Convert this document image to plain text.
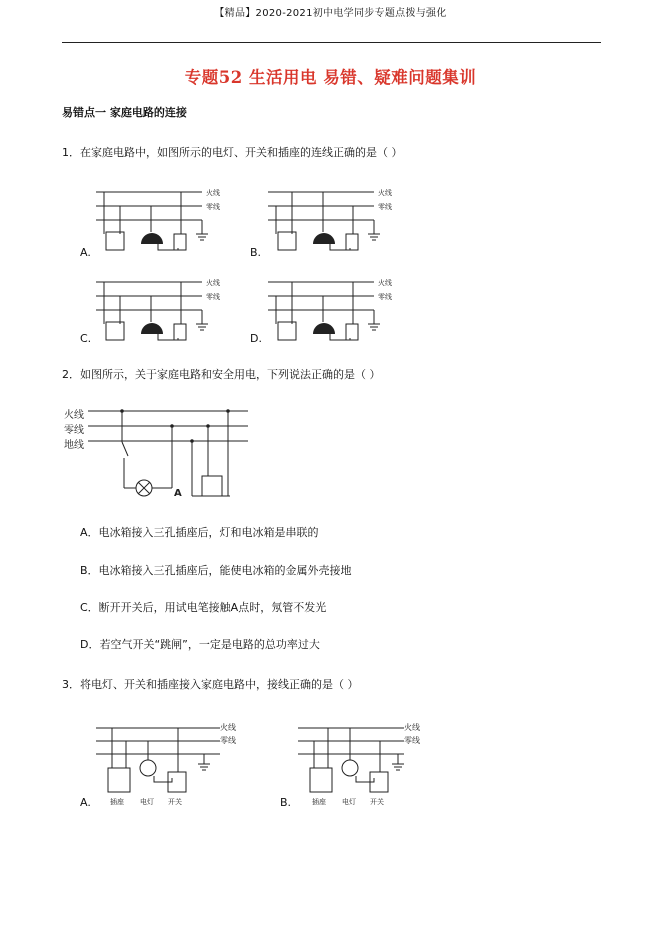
【精品】2020-2021初中电学同步专题点拨与强化
专题52 生活用电 易错、疑难问题集训
易错点一 家庭电路的连接
1．在家庭电路中，如图所示的电灯、开关和插座的连线正确的是（ ）
A.
火线
零线
B.
火线
零线
C.
火线
零线
D.
火线
零线
2．如图所示，关于家庭电路和安全用电，下列说法正确的是（ ）
火线
零线
地线
A
A．电冰箱接入三孔插座后，灯和电冰箱是串联的
B．电冰箱接入三孔插座后，能使电冰箱的金属外壳接地
C．断开开关后，用试电笔接触A点时，氖管不发光
D．若空气开关“跳闸”，一定是电路的总功率过大
3．将电灯、开关和插座接入家庭电路中，接线正确的是（ ）
A.
火线
零线
插座 电灯 开关	B.
火线
零线
插座 电灯 开关
